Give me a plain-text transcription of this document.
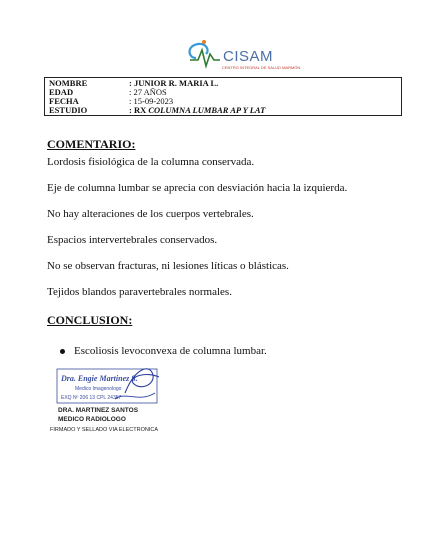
CISAM
CENTRO INTEGRAL DE SALUD MARMÓN
NOMBRE	: JUNIOR R. MARIA L.
EDAD	: 27 AÑOS
FECHA	: 15-09-2023
ESTUDIO	: RX
COLUMNA LUMBAR AP Y LAT
COMENTARIO:
Lordosis fisiológica de la columna conservada.
Eje de columna lumbar se aprecia con desviación hacia la izquierda.
No hay alteraciones de los cuerpos vertebrales.
Espacios intervertebrales conservados.
No se observan fracturas, ni lesiones líticas o blásticas.
Tejidos blandos paravertebrales normales.
CONCLUSION:
Escoliosis levoconvexa de columna lumbar.
Dra. Engie Martinez S.
Medico Imagenologo
EXQ Nº 206 13 CPL 24357
DRA. MARTINEZ SANTOS
MEDICO RADIOLOGO
FIRMADO Y SELLADO VIA ELECTRONICA
